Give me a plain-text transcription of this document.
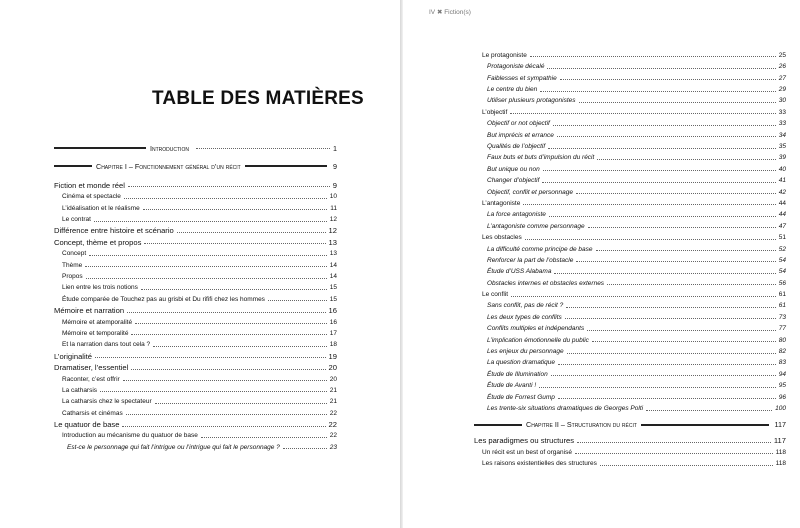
TABLE DES MATIÈRES
Introduction	1
Chapitre I – Fonctionnement général d’un récit	9
Fiction et monde réel	9
Cinéma et spectacle	10
L’idéalisation et le réalisme	11
Le contrat	12
Différence entre histoire et scénario	12
Concept, thème et propos	13
Concept	13
Thème	14
Propos	14
Lien entre les trois notions	15
Étude comparée de Touchez pas au grisbi et Du rififi chez les hommes	15
Mémoire et narration	16
Mémoire et atemporalité	16
Mémoire et temporalité	17
Et la narration dans tout cela ?	18
L’originalité	19
Dramatiser, l’essentiel	20
Raconter, c’est offrir	20
La catharsis	21
La catharsis chez le spectateur	21
Catharsis et cinémas	22
Le quatuor de base	22
Introduction au mécanisme du quatuor de base	22
Est-ce le personnage qui fait l’intrigue ou l’intrigue qui fait le personnage ?	23
IV ✖ Fiction(s)
Le protagoniste	25
Protagoniste décalé	26
Faiblesses et sympathie	27
Le centre du bien	29
Utiliser plusieurs protagonistes	30
L’objectif	33
Objectif or not objectif	33
But imprécis et errance	34
Qualités de l’objectif	35
Faux buts et buts d’impulsion du récit	39
But unique ou non	40
Changer d’objectif	41
Objectif, conflit et personnage	42
L’antagoniste	44
La force antagoniste	44
L’antagoniste comme personnage	47
Les obstacles	51
La difficulté comme principe de base	52
Renforcer la part de l’obstacle	54
Étude d’USS Alabama	54
Obstacles internes et obstacles externes	56
Le conflit	61
Sans conflit, pas de récit ?	61
Les deux types de conflits	73
Conflits multiples et indépendants	77
L’implication émotionnelle du public	80
Les enjeux du personnage	82
La question dramatique	83
Étude de Illumination	94
Étude de Avanti !	95
Étude de Forrest Gump	96
Les trente-six situations dramatiques de Georges Polti	100
Chapitre II – Structuration du récit	117
Les paradigmes ou structures	117
Un récit est un best of organisé	118
Les raisons existentielles des structures	118
